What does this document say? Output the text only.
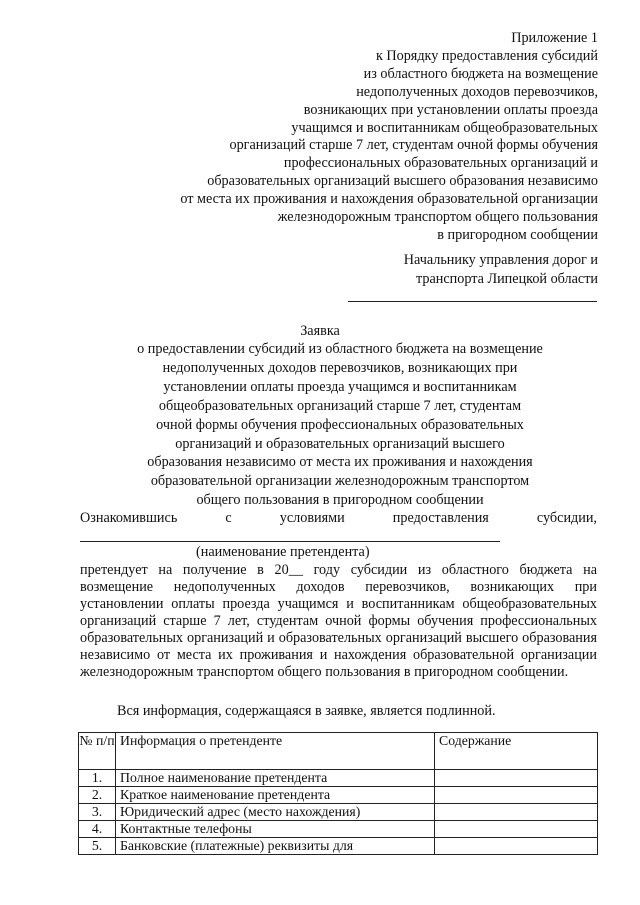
Приложение 1
к Порядку предоставления субсидий
из областного бюджета на возмещение
недополученных доходов перевозчиков,
возникающих при установлении оплаты проезда
учащимся и воспитанникам общеобразовательных
организаций старше 7 лет, студентам очной формы обучения
профессиональных образовательных организаций и
образовательных организаций высшего образования независимо
от места их проживания и нахождения образовательной организации
железнодорожным транспортом общего пользования
в пригородном сообщении
Начальнику управления дорог и
транспорта Липецкой области
Заявка
о предоставлении субсидий из областного бюджета на возмещение
недополученных доходов перевозчиков, возникающих при
установлении оплаты проезда учащимся и воспитанникам
общеобразовательных организаций старше 7 лет, студентам
очной формы обучения профессиональных образовательных
организаций и образовательных организаций высшего
образования независимо от места их проживания и нахождения
образовательной организации железнодорожным транспортом
общего пользования в пригородном сообщении
Ознакомившись	с	условиями	предоставления	субсидии,
(наименование претендента)
претендует на получение в 20__ году субсидии из областного бюджета на возмещение недополученных доходов перевозчиков, возникающих при установлении оплаты проезда учащимся и воспитанникам общеобразовательных организаций старше 7 лет, студентам очной формы обучения профессиональных образовательных организаций и образовательных организаций высшего образования независимо от места их проживания и нахождения образовательной организации железнодорожным транспортом общего пользования в пригородном сообщении.
Вся информация, содержащаяся в заявке, является подлинной.
№ п/п	Информация о претенденте	Содержание
1.	Полное наименование претендента	
2.	Краткое наименование претендента	
3.	Юридический адрес (место нахождения)	
4.	Контактные телефоны	
5.	Банковские (платежные) реквизиты для	
